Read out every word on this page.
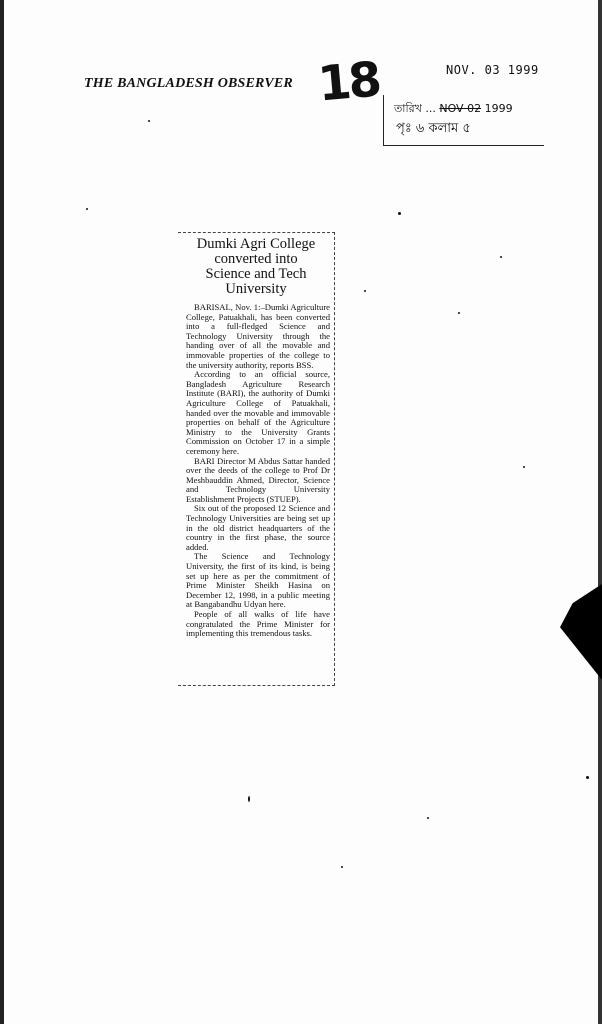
THE BANGLADESH OBSERVER 18	NOV. 03 1999
তারিখ ... NOV 02 1999
পৃঃ ৬ কলাম ৫
Dumki Agri College
converted into
Science and Tech
University

BARISAL, Nov. 1:–Dumki Agriculture College, Patuakhali, has been converted into a full-fledged Science and Technology University through the handing over of all the movable and immovable properties of the college to the university authority, reports BSS.

According to an official source, Bangladesh Agriculture Research Institute (BARI), the authority of Dumki Agriculture College of Patuakhali, handed over the movable and immovable properties on behalf of the Agriculture Ministry to the University Grants Commission on October 17 in a simple ceremony here.

BARI Director M Abdus Sattar handed over the deeds of the college to Prof Dr Meshbauddin Ahmed, Director, Science and Technology University Establishment Projects (STUEP).

Six out of the proposed 12 Science and Technology Universities are being set up in the old district headquarters of the country in the first phase, the source added.

The Science and Technology University, the first of its kind, is being set up here as per the commitment of Prime Minister Sheikh Hasina on December 12, 1998, in a public meeting at Bangabandhu Udyan here.

People of all walks of life have congratulated the Prime Minister for implementing this tremendous tasks.
